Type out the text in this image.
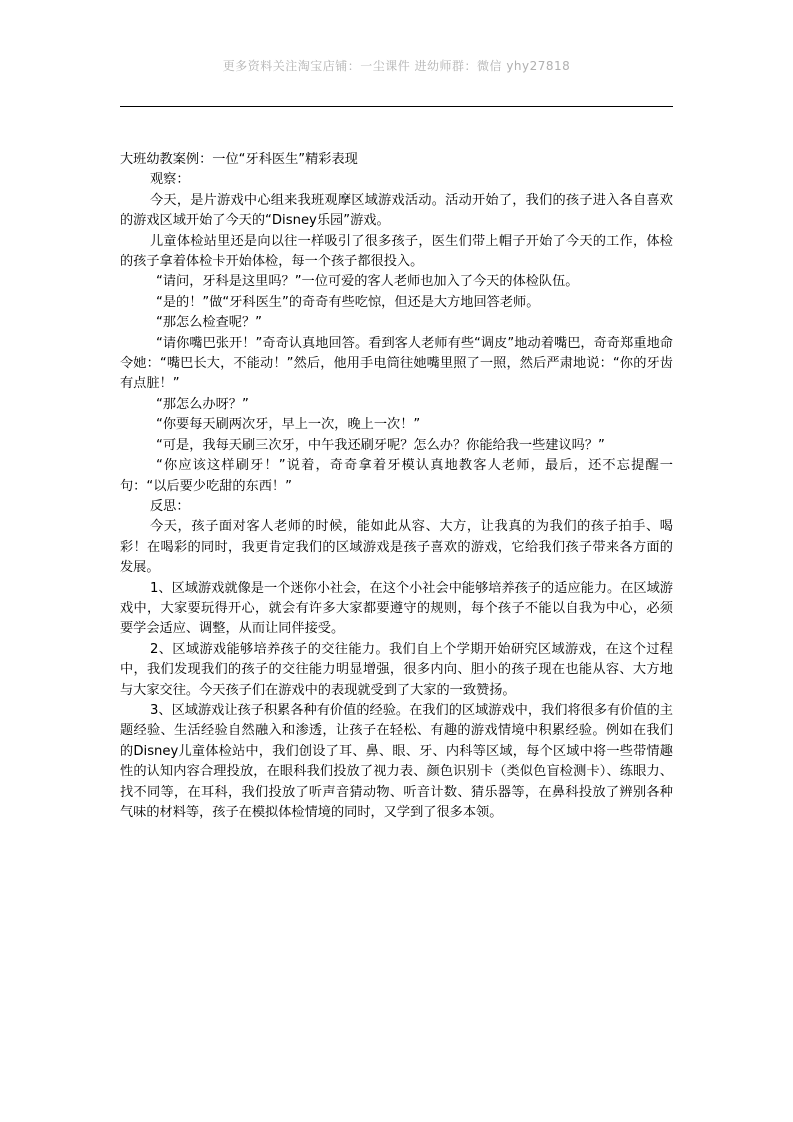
更多资料关注淘宝店铺：一尘课件 进幼师群：微信 yhy27818

大班幼教案例：一位“牙科医生”精彩表现

观察：

今天，是片游戏中心组来我班观摩区域游戏活动。活动开始了，我们的孩子进入各自喜欢的游戏区域开始了今天的“Disney乐园”游戏。

儿童体检站里还是向以往一样吸引了很多孩子，医生们带上帽子开始了今天的工作，体检的孩子拿着体检卡开始体检，每一个孩子都很投入。

“请问，牙科是这里吗？”一位可爱的客人老师也加入了今天的体检队伍。

“是的！”做“牙科医生”的奇奇有些吃惊，但还是大方地回答老师。

“那怎么检查呢？”

“请你嘴巴张开！”奇奇认真地回答。看到客人老师有些“调皮”地动着嘴巴，奇奇郑重地命令她：“嘴巴长大，不能动！”然后，他用手电筒往她嘴里照了一照，然后严肃地说：“你的牙齿有点脏！”

“那怎么办呀？”

“你要每天刷两次牙，早上一次，晚上一次！”

“可是，我每天刷三次牙，中午我还刷牙呢？怎么办？你能给我一些建议吗？”

“你应该这样刷牙！”说着，奇奇拿着牙模认真地教客人老师，最后，还不忘提醒一句：“以后要少吃甜的东西！”

反思：

今天，孩子面对客人老师的时候，能如此从容、大方，让我真的为我们的孩子拍手、喝彩！在喝彩的同时，我更肯定我们的区域游戏是孩子喜欢的游戏，它给我们孩子带来各方面的发展。

1、区域游戏就像是一个迷你小社会，在这个小社会中能够培养孩子的适应能力。在区域游戏中，大家要玩得开心，就会有许多大家都要遵守的规则，每个孩子不能以自我为中心，必须要学会适应、调整，从而让同伴接受。

2、区域游戏能够培养孩子的交往能力。我们自上个学期开始研究区域游戏，在这个过程中，我们发现我们的孩子的交往能力明显增强，很多内向、胆小的孩子现在也能从容、大方地与大家交往。今天孩子们在游戏中的表现就受到了大家的一致赞扬。

3、区域游戏让孩子积累各种有价值的经验。在我们的区域游戏中，我们将很多有价值的主题经验、生活经验自然融入和渗透，让孩子在轻松、有趣的游戏情境中积累经验。例如在我们的Disney儿童体检站中，我们创设了耳、鼻、眼、牙、内科等区域，每个区域中将一些带情趣性的认知内容合理投放，在眼科我们投放了视力表、颜色识别卡（类似色盲检测卡）、练眼力、找不同等，在耳科，我们投放了听声音猜动物、听音计数、猜乐器等，在鼻科投放了辨别各种气味的材料等，孩子在模拟体检情境的同时，又学到了很多本领。
